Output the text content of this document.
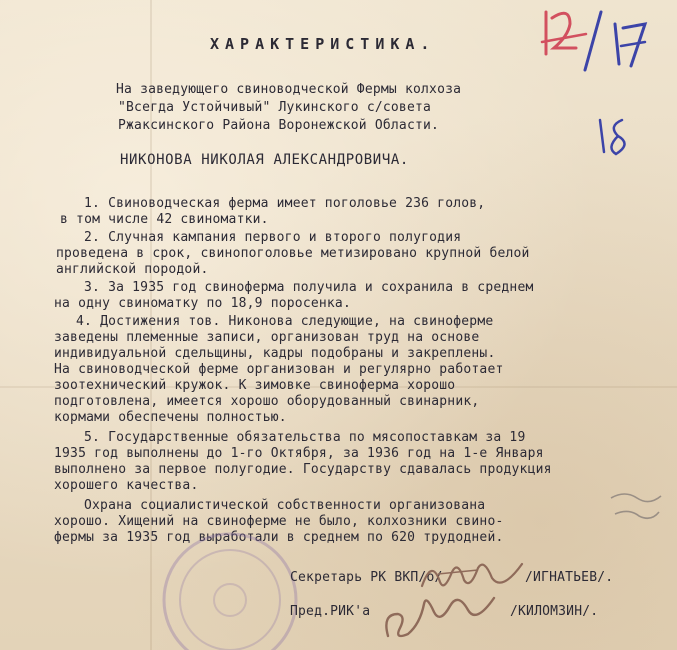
ХАРАКТЕРИСТИКА.
На заведующего свиноводческой Фермы колхоза
"Всегда Устойчивый" Лукинского с/совета
Ржаксинского Района Воронежской Области.
НИКОНОВА НИКОЛАЯ АЛЕКСАНДРОВИЧА.
1. Свиноводческая ферма имеет поголовье 236 голов,
в том числе 42 свиноматки.
2. Случная кампания первого и второго полугодия
проведена в срок, свинопоголовье метизировано крупной белой
английской породой.
3. За 1935 год свиноферма получила и сохранила в среднем
на одну свиноматку по 18,9 поросенка.
4. Достижения тов. Никонова следующие, на свиноферме
заведены племенные записи, организован труд на основе
индивидуальной сдельщины, кадры подобраны и закреплены.
На свиноводческой ферме организован и регулярно работает
зоотехнический кружок. К зимовке свиноферма хорошо
подготовлена, имеется хорошо оборудованный свинарник,
кормами обеспечены полностью.
5. Государственные обязательства по мясопоставкам за 19
1935 год выполнены до 1-го Октября, за 1936 год на 1-е Января
выполнено за первое полугодие. Государству сдавалась продукция
хорошего качества.
Охрана социалистической собственности организована
хорошо. Хищений на свиноферме не было, колхозники свино-
фермы за 1935 год выработали в среднем по 620 трудодней.
Секретарь РК ВКП/б/	/ИГНАТЬЕВ/.
Пред.РИК'а	/КИЛОМЗИН/.
